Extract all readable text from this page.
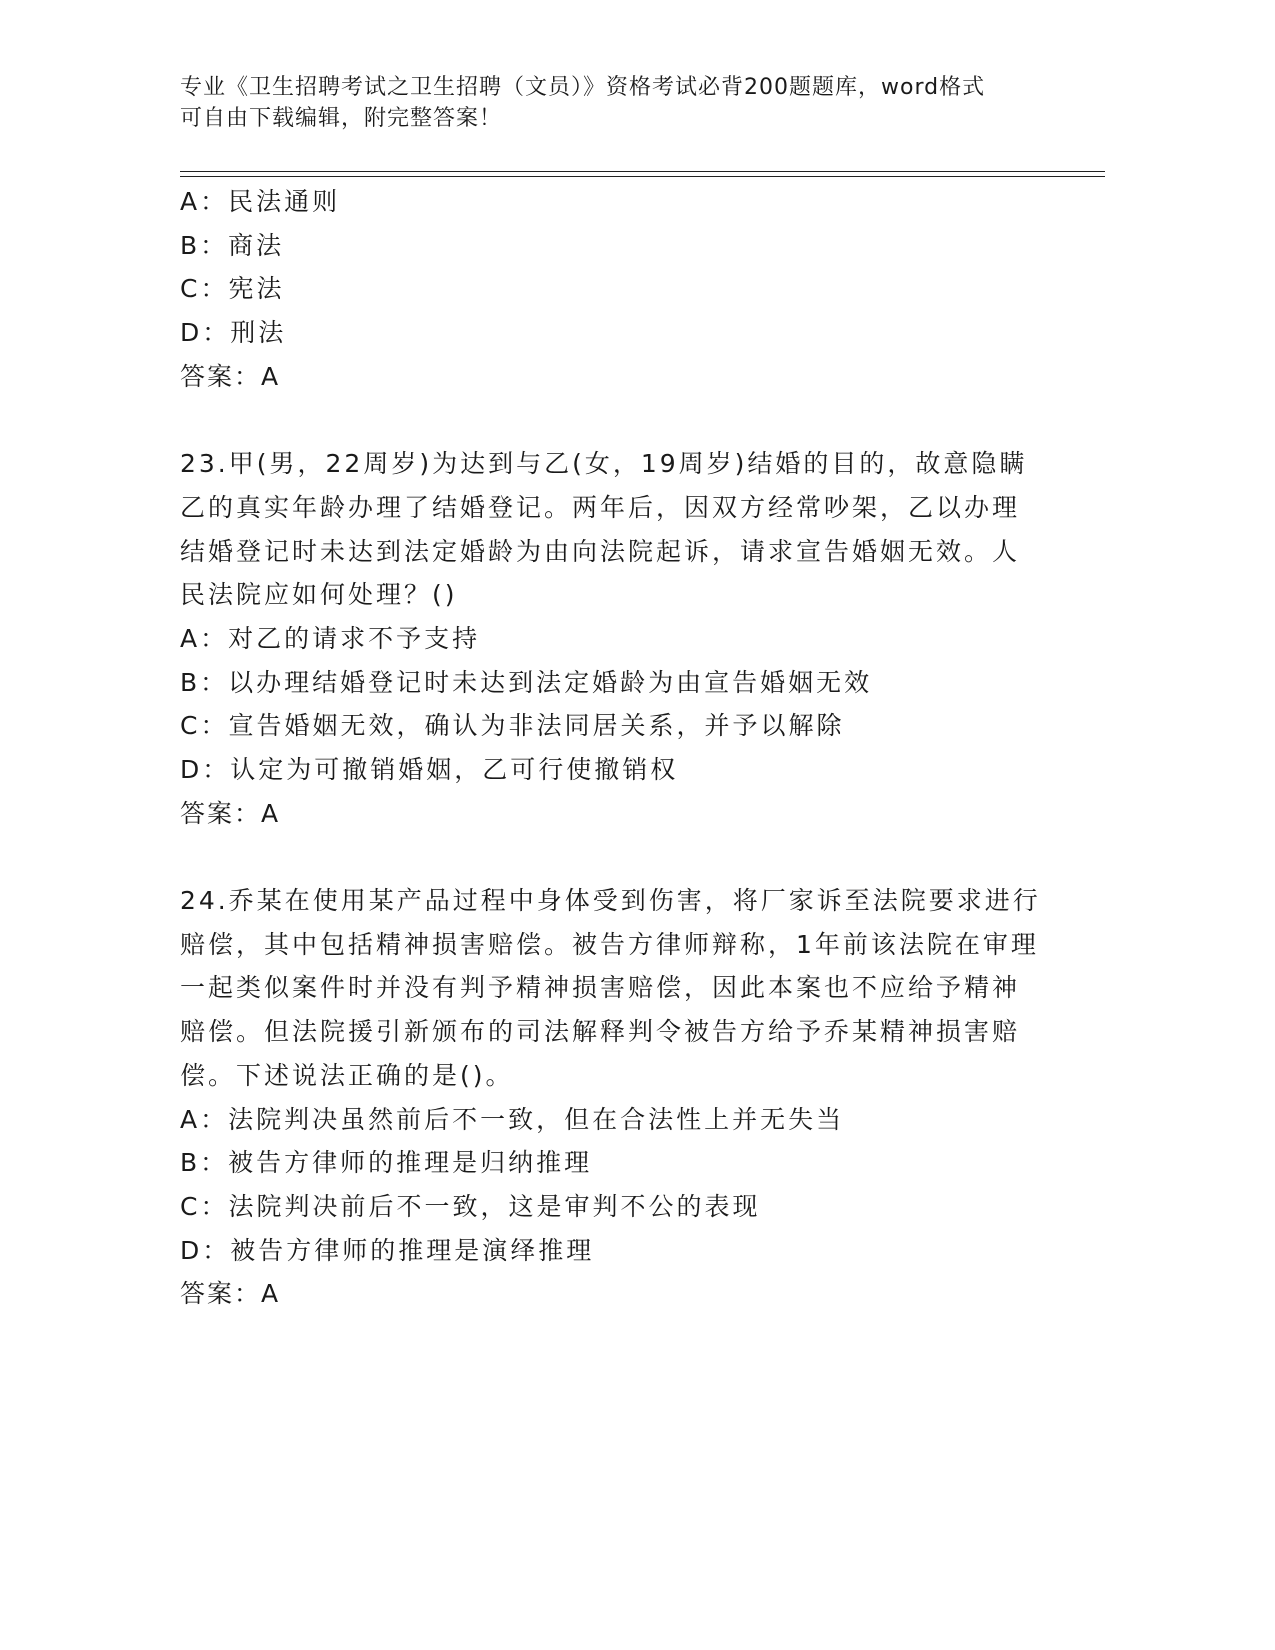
专业《卫生招聘考试之卫生招聘（文员）》资格考试必背200题题库，word格式
可自由下载编辑，附完整答案！
A：民法通则
B：商法
C：宪法
D：刑法
答案：A
23.甲(男，22周岁)为达到与乙(女，19周岁)结婚的目的，故意隐瞒
乙的真实年龄办理了结婚登记。两年后，因双方经常吵架，乙以办理
结婚登记时未达到法定婚龄为由向法院起诉，请求宣告婚姻无效。人
民法院应如何处理？()
A：对乙的请求不予支持
B：以办理结婚登记时未达到法定婚龄为由宣告婚姻无效
C：宣告婚姻无效，确认为非法同居关系，并予以解除
D：认定为可撤销婚姻，乙可行使撤销权
答案：A
24.乔某在使用某产品过程中身体受到伤害，将厂家诉至法院要求进行
赔偿，其中包括精神损害赔偿。被告方律师辩称，1年前该法院在审理
一起类似案件时并没有判予精神损害赔偿，因此本案也不应给予精神
赔偿。但法院援引新颁布的司法解释判令被告方给予乔某精神损害赔
偿。下述说法正确的是()。
A：法院判决虽然前后不一致，但在合法性上并无失当
B：被告方律师的推理是归纳推理
C：法院判决前后不一致，这是审判不公的表现
D：被告方律师的推理是演绎推理
答案：A
